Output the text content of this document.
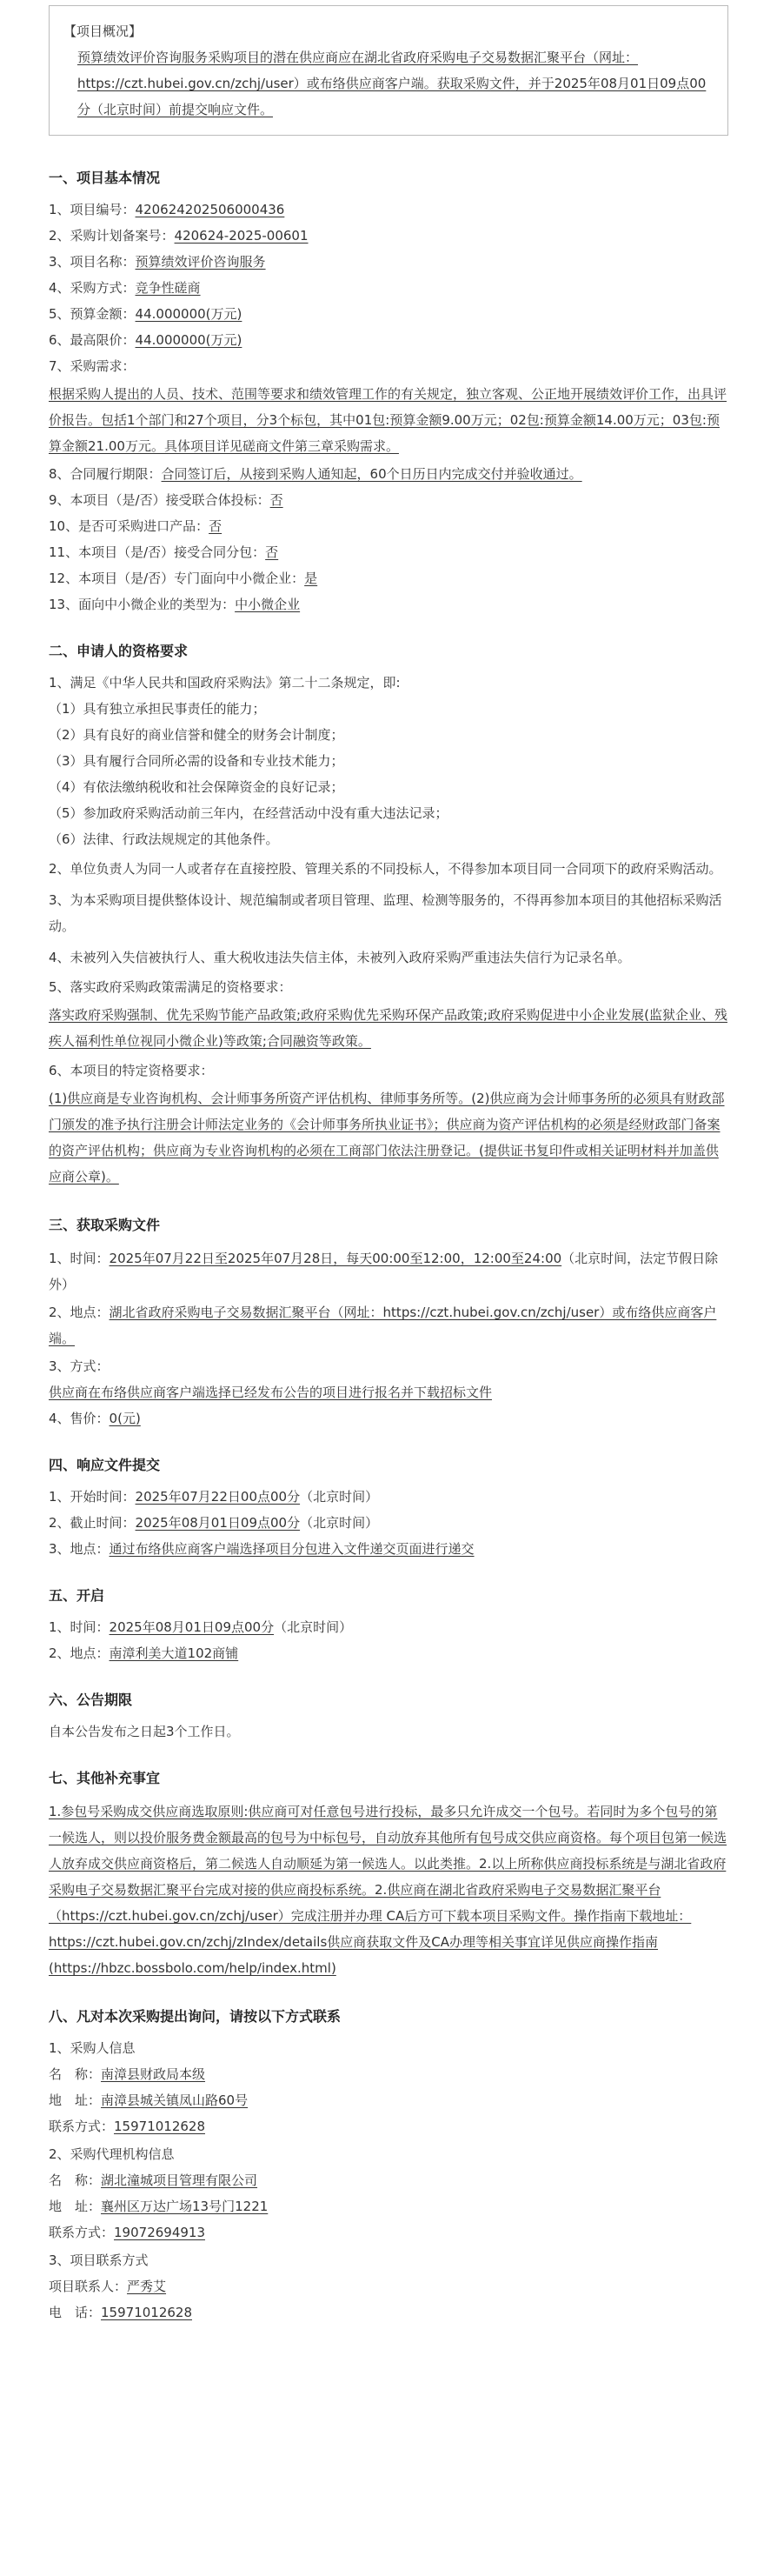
【项目概况】
预算绩效评价咨询服务采购项目的潜在供应商应在湖北省政府采购电子交易数据汇聚平台（网址：https://czt.hubei.gov.cn/zchj/user）或布络供应商客户端。获取采购文件，并于2025年08月01日09点00分（北京时间）前提交响应文件。
一、项目基本情况
1、项目编号：420624202506000436
2、采购计划备案号：420624-2025-00601
3、项目名称：预算绩效评价咨询服务
4、采购方式：竞争性磋商
5、预算金额：44.000000(万元)
6、最高限价：44.000000(万元)
7、采购需求：
根据采购人提出的人员、技术、范围等要求和绩效管理工作的有关规定，独立客观、公正地开展绩效评价工作，出具评价报告。包括1个部门和27个项目，分3个标包，其中01包:预算金额9.00万元；02包:预算金额14.00万元；03包:预算金额21.00万元。具体项目详见磋商文件第三章采购需求。
8、合同履行期限：合同签订后，从接到采购人通知起，60个日历日内完成交付并验收通过。
9、本项目（是/否）接受联合体投标：否
10、是否可采购进口产品：否
11、本项目（是/否）接受合同分包：否
12、本项目（是/否）专门面向中小微企业：是
13、面向中小微企业的类型为：中小微企业
二、申请人的资格要求
1、满足《中华人民共和国政府采购法》第二十二条规定，即:
（1）具有独立承担民事责任的能力；
（2）具有良好的商业信誉和健全的财务会计制度；
（3）具有履行合同所必需的设备和专业技术能力；
（4）有依法缴纳税收和社会保障资金的良好记录；
（5）参加政府采购活动前三年内，在经营活动中没有重大违法记录；
（6）法律、行政法规规定的其他条件。
2、单位负责人为同一人或者存在直接控股、管理关系的不同投标人，不得参加本项目同一合同项下的政府采购活动。
3、为本采购项目提供整体设计、规范编制或者项目管理、监理、检测等服务的，不得再参加本项目的其他招标采购活动。
4、未被列入失信被执行人、重大税收违法失信主体，未被列入政府采购严重违法失信行为记录名单。
5、落实政府采购政策需满足的资格要求：
落实政府采购强制、优先采购节能产品政策;政府采购优先采购环保产品政策;政府采购促进中小企业发展(监狱企业、残疾人福利性单位视同小微企业)等政策;合同融资等政策。
6、本项目的特定资格要求：
(1)供应商是专业咨询机构、会计师事务所资产评估机构、律师事务所等。(2)供应商为会计师事务所的必须具有财政部门颁发的准予执行注册会计师法定业务的《会计师事务所执业证书》；供应商为资产评估机构的必须是经财政部门备案的资产评估机构；供应商为专业咨询机构的必须在工商部门依法注册登记。(提供证书复印件或相关证明材料并加盖供应商公章)。
三、获取采购文件
1、时间：2025年07月22日至2025年07月28日，每天00:00至12:00，12:00至24:00（北京时间，法定节假日除外）
2、地点：湖北省政府采购电子交易数据汇聚平台（网址：https://czt.hubei.gov.cn/zchj/user）或布络供应商客户端。
3、方式：
供应商在布络供应商客户端选择已经发布公告的项目进行报名并下载招标文件
4、售价：0(元)
四、响应文件提交
1、开始时间：2025年07月22日00点00分（北京时间）
2、截止时间：2025年08月01日09点00分（北京时间）
3、地点：通过布络供应商客户端选择项目分包进入文件递交页面进行递交
五、开启
1、时间：2025年08月01日09点00分（北京时间）
2、地点：南漳利美大道102商铺
六、公告期限
自本公告发布之日起3个工作日。
七、其他补充事宜
1.参包号采购成交供应商选取原则:供应商可对任意包号进行投标，最多只允许成交一个包号。若同时为多个包号的第一候选人，则以投价服务费金额最高的包号为中标包号，自动放弃其他所有包号成交供应商资格。每个项目包第一候选人放弃成交供应商资格后，第二候选人自动顺延为第一候选人。以此类推。2.以上所称供应商投标系统是与湖北省政府采购电子交易数据汇聚平台完成对接的供应商投标系统。2.供应商在湖北省政府采购电子交易数据汇聚平台（https://czt.hubei.gov.cn/zchj/user）完成注册并办理 CA后方可下载本项目采购文件。操作指南下载地址：https://czt.hubei.gov.cn/zchj/zIndex/details供应商获取文件及CA办理等相关事宜详见供应商操作指南(https://hbzc.bossbolo.com/help/index.html)
八、凡对本次采购提出询问，请按以下方式联系
1、采购人信息
名　称：南漳县财政局本级
地　址：南漳县城关镇凤山路60号
联系方式：15971012628
2、采购代理机构信息
名　称：湖北潼城项目管理有限公司
地　址：襄州区万达广场13号门1221
联系方式：19072694913
3、项目联系方式
项目联系人：严秀艾
电　话：15971012628
